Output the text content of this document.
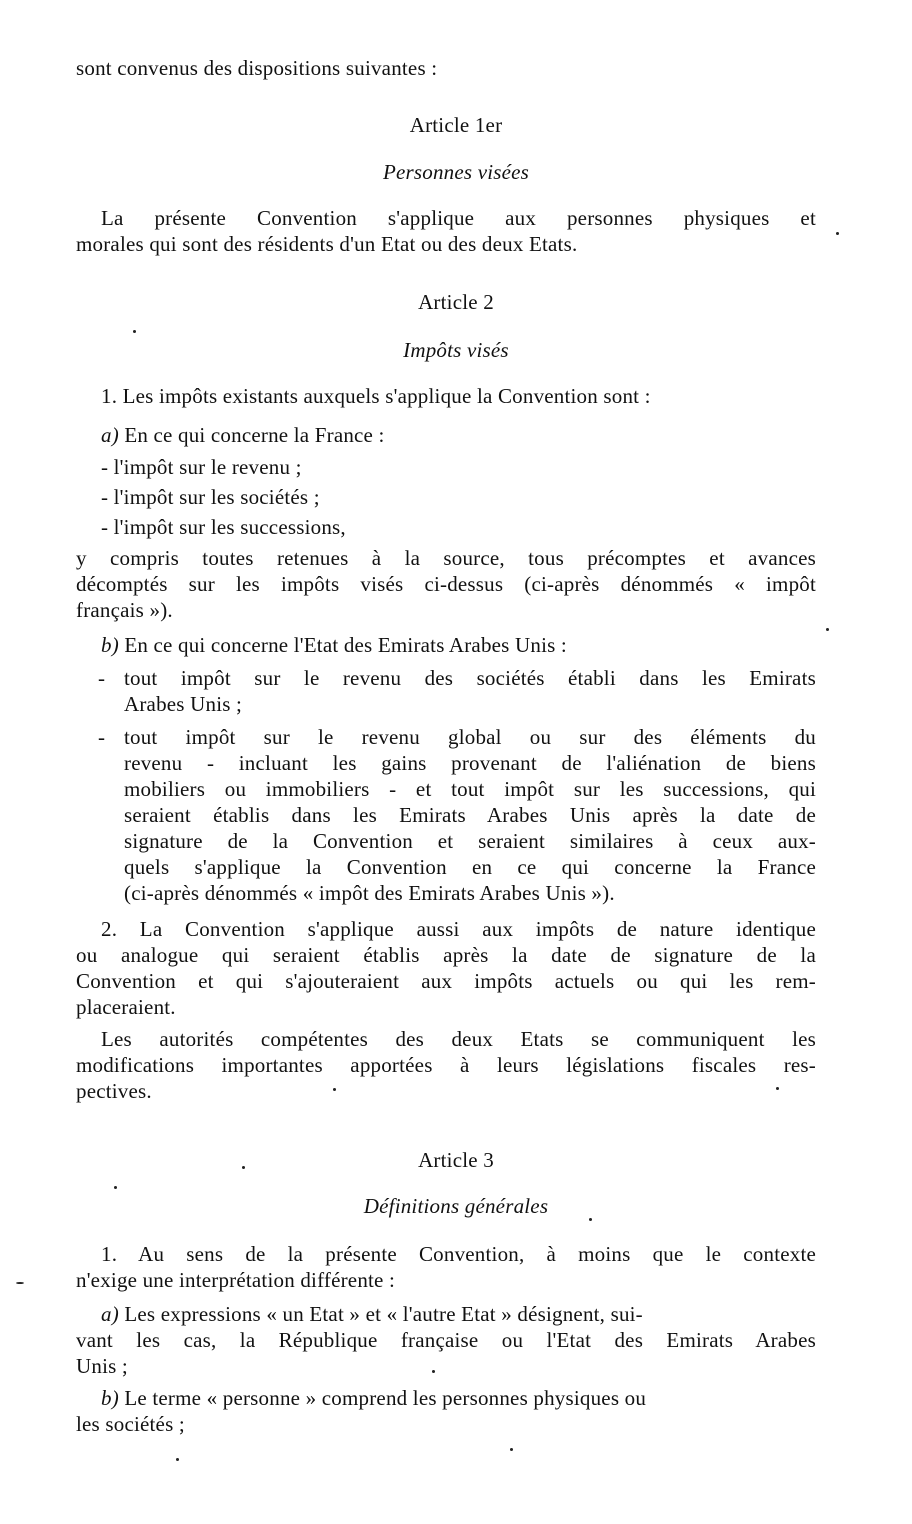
sont convenus des dispositions suivantes :
Article 1er
Personnes visées
La présente Convention s'applique aux personnes physiques et
morales qui sont des résidents d'un Etat ou des deux Etats.
Article 2
Impôts visés
1. Les impôts existants auxquels s'applique la Convention sont :
a) En ce qui concerne la France :
- l'impôt sur le revenu ;
- l'impôt sur les sociétés ;
- l'impôt sur les successions,
y compris toutes retenues à la source, tous précomptes et avances
décomptés sur les impôts visés ci-dessus (ci-après dénommés « impôt
français »).
b) En ce qui concerne l'Etat des Emirats Arabes Unis :
- tout impôt sur le revenu des sociétés établi dans les Emirats
Arabes Unis ;
- tout impôt sur le revenu global ou sur des éléments du
revenu - incluant les gains provenant de l'aliénation de biens
mobiliers ou immobiliers - et tout impôt sur les successions, qui
seraient établis dans les Emirats Arabes Unis après la date de
signature de la Convention et seraient similaires à ceux aux-
quels s'applique la Convention en ce qui concerne la France
(ci-après dénommés « impôt des Emirats Arabes Unis »).
2. La Convention s'applique aussi aux impôts de nature identique
ou analogue qui seraient établis après la date de signature de la
Convention et qui s'ajouteraient aux impôts actuels ou qui les rem-
placeraient.
Les autorités compétentes des deux Etats se communiquent les
modifications importantes apportées à leurs législations fiscales res-
pectives.
Article 3
Définitions générales
1. Au sens de la présente Convention, à moins que le contexte
n'exige une interprétation différente :
a) Les expressions « un Etat » et « l'autre Etat » désignent, sui-
vant les cas, la République française ou l'Etat des Emirats Arabes
Unis ;
b) Le terme « personne » comprend les personnes physiques ou
les sociétés ;
